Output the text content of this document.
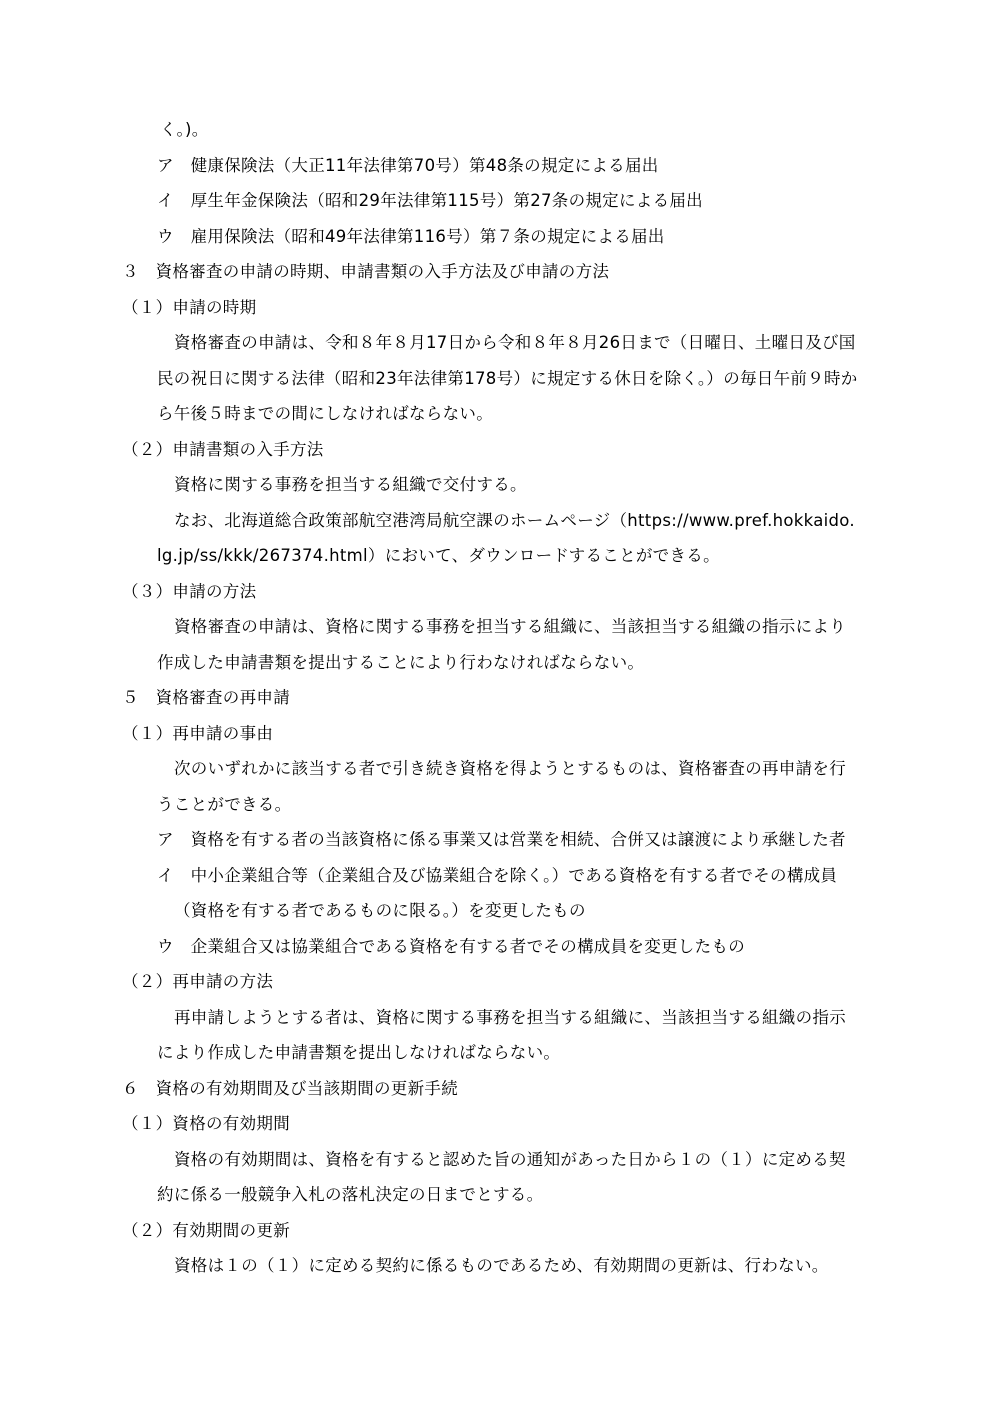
く。)。
ア　健康保険法（大正11年法律第70号）第48条の規定による届出
イ　厚生年金保険法（昭和29年法律第115号）第27条の規定による届出
ウ　雇用保険法（昭和49年法律第116号）第７条の規定による届出
３　資格審査の申請の時期、申請書類の入手方法及び申請の方法
（１）申請の時期
資格審査の申請は、令和８年８月17日から令和８年８月26日まで（日曜日、土曜日及び国
民の祝日に関する法律（昭和23年法律第178号）に規定する休日を除く。）の毎日午前９時か
ら午後５時までの間にしなければならない。
（２）申請書類の入手方法
資格に関する事務を担当する組織で交付する。
なお、北海道総合政策部航空港湾局航空課のホームページ（https://www.pref.hokkaido.
lg.jp/ss/kkk/267374.html）において、ダウンロードすることができる。
（３）申請の方法
資格審査の申請は、資格に関する事務を担当する組織に、当該担当する組織の指示により
作成した申請書類を提出することにより行わなければならない。
５　資格審査の再申請
（１）再申請の事由
次のいずれかに該当する者で引き続き資格を得ようとするものは、資格審査の再申請を行
うことができる。
ア　資格を有する者の当該資格に係る事業又は営業を相続、合併又は譲渡により承継した者
イ　中小企業組合等（企業組合及び協業組合を除く。）である資格を有する者でその構成員
（資格を有する者であるものに限る。）を変更したもの
ウ　企業組合又は協業組合である資格を有する者でその構成員を変更したもの
（２）再申請の方法
再申請しようとする者は、資格に関する事務を担当する組織に、当該担当する組織の指示
により作成した申請書類を提出しなければならない。
６　資格の有効期間及び当該期間の更新手続
（１）資格の有効期間
資格の有効期間は、資格を有すると認めた旨の通知があった日から１の（１）に定める契
約に係る一般競争入札の落札決定の日までとする。
（２）有効期間の更新
資格は１の（１）に定める契約に係るものであるため、有効期間の更新は、行わない。
